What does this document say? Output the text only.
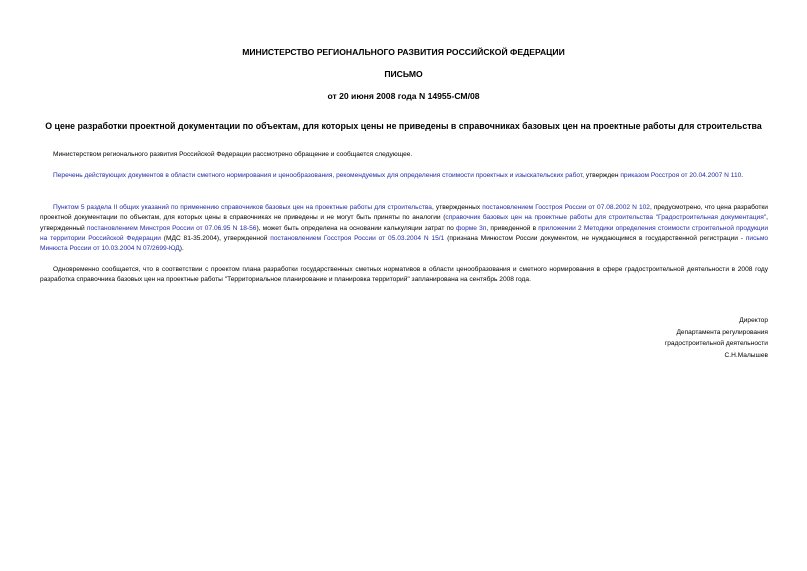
МИНИСТЕРСТВО РЕГИОНАЛЬНОГО РАЗВИТИЯ РОССИЙСКОЙ ФЕДЕРАЦИИ

ПИСЬМО

от 20 июня 2008 года N 14955-СМ/08

О цене разработки проектной документации по объектам, для которых цены не приведены в справочниках базовых цен на проектные работы для строительства

Министерством регионального развития Российской Федерации рассмотрено обращение и сообщается следующее.

Перечень действующих документов в области сметного нормирования и ценообразования, рекомендуемых для определения стоимости проектных и изыскательских работ, утвержден приказом Росстроя от 20.04.2007 N 110.

Пунктом 5 раздела II общих указаний по применению справочников базовых цен на проектные работы для строительства, утвержденных постановлением Госстроя России от 07.08.2002 N 102, предусмотрено, что цена разработки проектной документации по объектам, для которых цены в справочниках не приведены и не могут быть приняты по аналогии (справочник базовых цен на проектные работы для строительства "Градостроительная документация", утвержденный постановлением Минстроя России от 07.06.95 N 18-56), может быть определена на основании калькуляции затрат по форме 3п, приведенной в приложении 2 Методики определения стоимости строительной продукции на территории Российской Федерации (МДС 81-35.2004), утвержденной постановлением Госстроя России от 05.03.2004 N 15/1 (признана Минюстом России документом, не нуждающимся в государственной регистрации - письмо Минюста России от 10.03.2004 N 07/2699-ЮД).

Одновременно сообщается, что в соответствии с проектом плана разработки государственных сметных нормативов в области ценообразования и сметного нормирования в сфере градостроительной деятельности в 2008 году разработка справочника базовых цен на проектные работы "Территориальное планирование и планировка территорий" запланирована на сентябрь 2008 года.

Директор
Департамента регулирования
градостроительной деятельности
С.Н.Малышев
